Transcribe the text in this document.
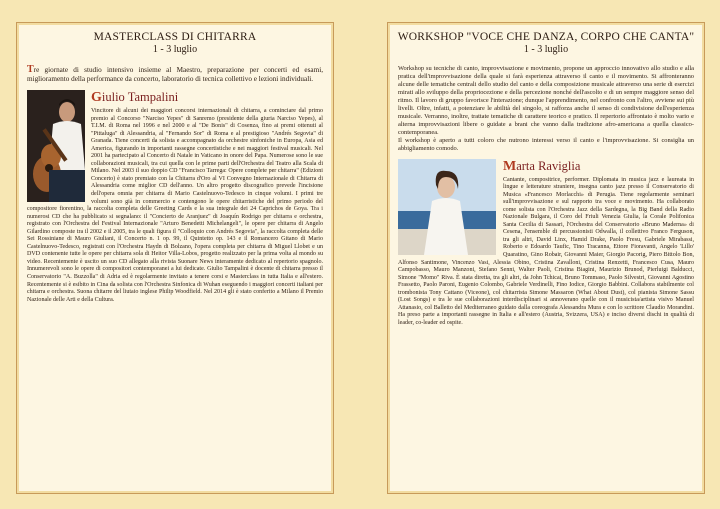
MASTERCLASS DI CHITARRA
1 - 3 luglio
Tre giornate di studio intensivo insieme al Maestro, preparazione per concerti ed esami, miglioramento della performance da concerto, laboratorio di tecnica collettivo e lezioni individuali.
Giulio Tampalini
Vincitore di alcuni dei maggiori concorsi internazionali di chitarra, a cominciare dal primo premio al Concorso "Narciso Yepes" di Sanremo (presidente della giuria Narciso Yepes), al T.I.M. di Roma nel 1996 e nel 2000 e al "De Bonis" di Cosenza, fino ai premi ottenuti al "Pittaluga" di Alessandria, al "Fernando Sor" di Roma e al prestigioso "Andrés Segovia" di Granada. Tiene concerti da solista e accompagnato da orchestre sinfoniche in Europa, Asia ed America, figurando in importanti rassegne concertistiche e nei maggiori festival musicali. Nel 2001 ha partecipato al Concerto di Natale in Vaticano in onore del Papa. Numerose sono le sue collaborazioni musicali, tra cui quella con le prime parti dell'Orchestra del Teatro alla Scala di Milano. Nel 2003 il suo doppio CD "Francisco Tarrega: Opere complete per chitarra" (Edizioni Concerto) è stato premiato con la Chitarra d'Oro al VI Convegno Internazionale di Chitarra di Alessandria come miglior CD dell'anno. Un altro progetto discografico prevede l'incisione dell'opera omnia per chitarra di Mario Castelnuovo-Tedesco in cinque volumi. I primi tre volumi sono già in commercio e contengono le opere chitarristiche del primo periodo del compositore fiorentino, la raccolta completa delle Greeting Cards e la sua integrale dei 24 Caprichos de Goya. Tra i numerosi CD che ha pubblicato si segnalano: il "Concierto de Aranjuez" di Joaquín Rodrigo per chitarra e orchestra, registrato con l'Orchestra del Festival Internazionale "Arturo Benedetti Michelangeli", le opere per chitarra di Angelo Gilardino composte tra il 2002 e il 2005, tra le quali figura il "Colloquio con Andrés Segovia", la raccolta completa delle Sei Rossiniane di Mauro Giuliani, il Concerto n. 1 op. 99, il Quintetto op. 143 e il Romancero Gitano di Mario Castelnuovo-Tedesco, registrati con l'Orchestra Haydn di Bolzano, l'opera completa per chitarra di Miguel Llobet e un DVD contenente tutte le opere per chitarra sola di Heitor Villa-Lobos, progetto realizzato per la prima volta al mondo su video. Recentemente è uscito un suo CD allegato alla rivista Suonare News interamente dedicato al repertorio spagnolo. Innumerevoli sono le opere di compositori contemporanei a lui dedicate. Giulio Tampalini è docente di chitarra presso il Conservatorio "A. Buzzolla" di Adria ed è regolarmente invitato a tenere corsi e Masterclass in tutta Italia e all'estero. Recentemente si è esibito in Cina da solista con l'Orchestra Sinfonica di Wuhan eseguendo i maggiori concerti italiani per chitarra e orchestra. Suona chitarre del liutaio inglese Philip Woodfield. Nel 2014 gli è stato conferito a Milano il Premio Nazionale delle Arti e della Cultura.
WORKSHOP "VOCE CHE DANZA, CORPO CHE CANTA"
1 - 3 luglio
Workshop su tecniche di canto, improvvisazione e movimento, propone un approccio innovativo allo studio e alla pratica dell'improvvisazione della quale si farà esperienza attraverso il canto e il movimento. Si affronteranno alcune delle tematiche centrali dello studio del canto e della composizione musicale attraverso una serie di esercizi mirati allo sviluppo della propriocezione e della percezione nonché dell'ascolto e di un sempre maggiore senso del ritmo. Il lavoro di gruppo favorisce l'interazione; dunque l'apprendimento, nel confronto con l'altro, avviene sui più livelli. Oltre, infatti, a potenziare le abilità del singolo, si rafforza anche il senso di condivisione dell'esperienza musicale. Verranno, inoltre, trattate tematiche di carattere teorico e pratico. Il repertorio affrontato è molto vario e alterna improvvisazioni libere o guidate a brani che vanno dalla tradizione afro-americana a quella classico-contemporanea.
Il workshop è aperto a tutti coloro che nutrono interessi verso il canto e l'improvvisazione. Si consiglia un abbigliamento comodo.
Marta Raviglia
Cantante, compositrice, performer. Diplomata in musica jazz e laureata in lingue e letterature straniere, insegna canto jazz presso il Conservatorio di Musica «Francesco Morlacchi» di Perugia. Tiene regolarmente seminari sull'improvvisazione e sul rapporto tra voce e movimento. Ha collaborato come solista con l'Orchestra Jazz della Sardegna, la Big Band della Radio Nazionale Bulgara, il Coro del Friuli Venezia Giulia, la Corale Polifonica Santa Cecilia di Sassari, l'Orchestra del Conservatorio «Bruno Maderna» di Cesena, l'ensemble di percussionisti Odwalla, il collettivo Franco Ferguson, tra gli altri, David Linx, Hamid Drake, Paolo Fresu, Gabriele Mirabassi, Roberto e Edoardo Taufic, Tino Tracanna, Ettore Fioravanti, Angelo 'Lillo' Quaratino, Gino Robair, Giovanni Maier, Giorgio Pacorig, Piero Bittolo Bon, Alfonso Santimone, Vincenzo Vasi, Alessia Obino, Cristina Zavalloni, Cristina Renzetti, Francesco Cusa, Mauro Campobasso, Mauro Manzoni, Stefano Senni, Walter Paoli, Cristina Biagini, Maurizio Brunod, Pierluigi Balducci, Simone "Momo" Riva. È stata diretta, tra gli altri, da John Tchicai, Bruno Tommaso, Paolo Silvestri, Giovanni Agostino Frassetto, Paolo Paroni, Eugenio Colombo, Gabriele Verdinelli, Fino Iodice, Giorgio Babbini. Collabora stabilmente col trombonista Tony Cattano (Viceone), col chitarrista Simone Massaron (What About Dust), col pianista Simone Sassu (Lost Songs) e tra le sue collaborazioni interdisciplinari si annoverano quelle con il musicista/artista visivo Manuel Attanasio, col Balletto del Mediterraneo guidato dalla coreografa Alessandra Mura e con lo scrittore Claudio Morandini. Ha preso parte a importanti rassegne in Italia e all'estero (Austria, Svizzera, USA) e inciso diversi dischi in qualità di leader, co-leader ed ospite.
